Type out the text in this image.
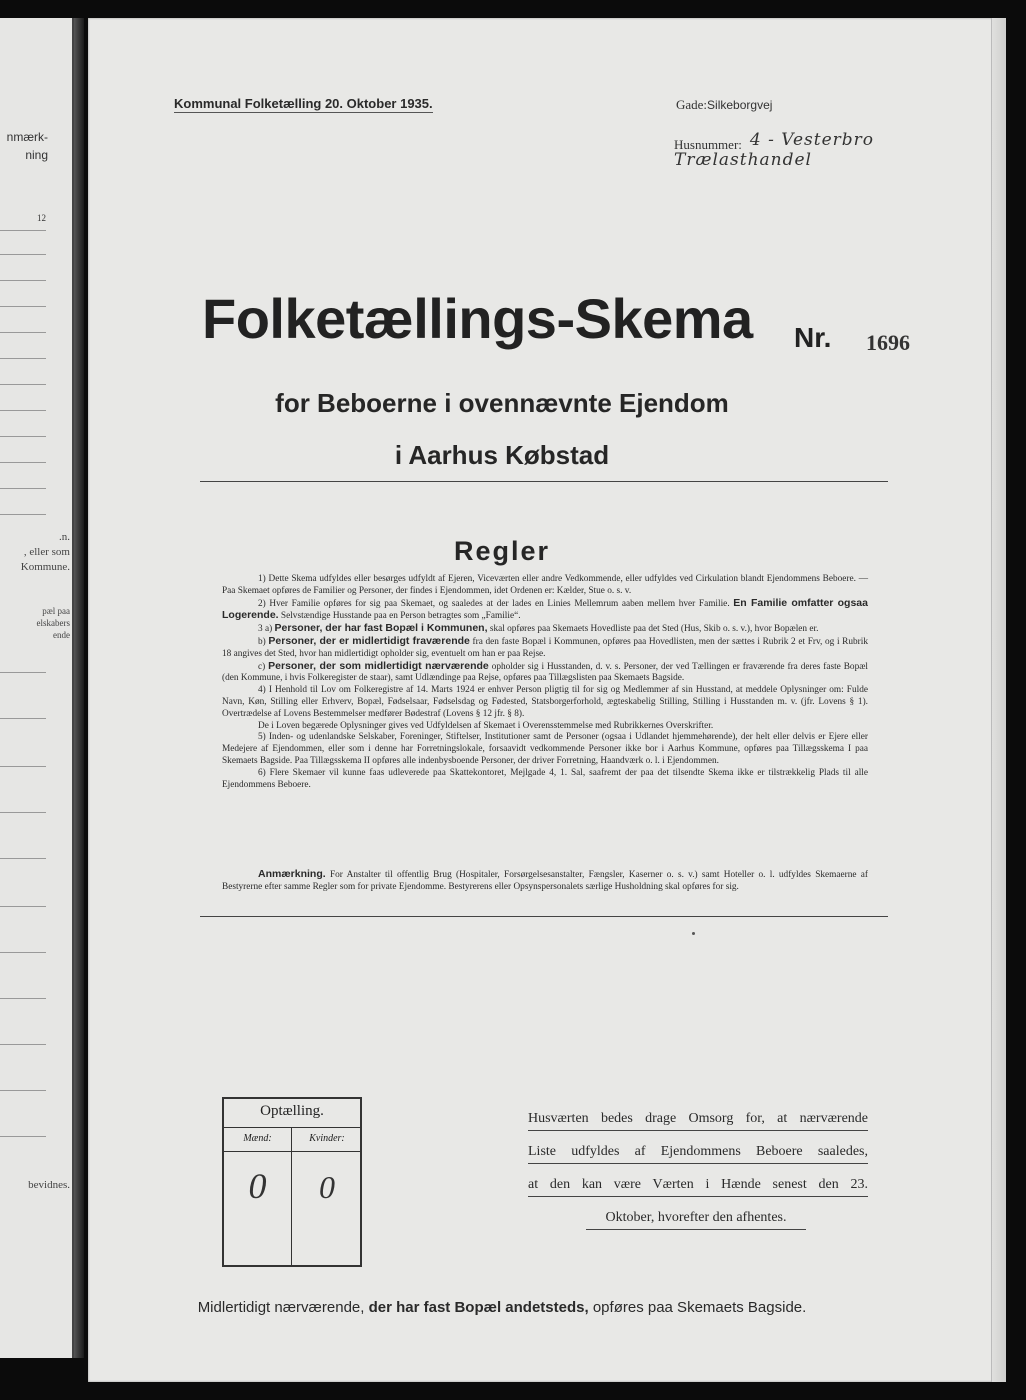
nmærk-
ning
12
.n.
, eller som
Kommune.
pæl paa
elskabers
ende
bevidnes.
Kommunal Folketælling 20. Oktober 1935.	Gade:Silkeborgvej
Husnummer: 4 - Vesterbro Trælasthandel
Folketællings-Skema Nr. 1696
for Beboerne i ovennævnte Ejendom
i Aarhus Købstad
Regler

1) Dette Skema udfyldes eller besørges udfyldt af Ejeren, Viceværten eller andre Vedkommende, eller udfyldes ved Cirkulation blandt Ejendommens Beboere. — Paa Skemaet opføres de Familier og Personer, der findes i Ejendommen, idet Ordenen er: Kælder, Stue o. s. v.

2) Hver Familie opføres for sig paa Skemaet, og saaledes at der lades en Linies Mellemrum aaben mellem hver Familie. En Familie omfatter ogsaa Logerende. Selvstændige Husstande paa en Person betragtes som „Familie“.

3 a) Personer, der har fast Bopæl i Kommunen, skal opføres paa Skemaets Hovedliste paa det Sted (Hus, Skib o. s. v.), hvor Bopælen er.

b) Personer, der er midlertidigt fraværende fra den faste Bopæl i Kommunen, opføres paa Hovedlisten, men der sættes i Rubrik 2 et Frv, og i Rubrik 18 angives det Sted, hvor han midlertidigt opholder sig, eventuelt om han er paa Rejse.

c) Personer, der som midlertidigt nærværende opholder sig i Husstanden, d. v. s. Personer, der ved Tællingen er fraværende fra deres faste Bopæl (den Kommune, i hvis Folkeregister de staar), samt Udlændinge paa Rejse, opføres paa Tillægslisten paa Skemaets Bagside.

4) I Henhold til Lov om Folkeregistre af 14. Marts 1924 er enhver Person pligtig til for sig og Medlemmer af sin Husstand, at meddele Oplysninger om: Fulde Navn, Køn, Stilling eller Erhverv, Bopæl, Fødselsaar, Fødselsdag og Fødested, Statsborgerforhold, ægteskabelig Stilling, Stilling i Husstanden m. v. (jfr. Lovens § 1). Overtrædelse af Lovens Bestemmelser medfører Bødestraf (Lovens § 12 jfr. § 8).

De i Loven begærede Oplysninger gives ved Udfyldelsen af Skemaet i Overensstemmelse med Rubrikkernes Overskrifter.

5) Inden- og udenlandske Selskaber, Foreninger, Stiftelser, Institutioner samt de Personer (ogsaa i Udlandet hjemmehørende), der helt eller delvis er Ejere eller Medejere af Ejendommen, eller som i denne har Forretningslokale, forsaavidt vedkommende Personer ikke bor i Aarhus Kommune, opføres paa Tillægsskema I paa Skemaets Bagside. Paa Tillægsskema II opføres alle indenbysboende Personer, der driver Forretning, Haandværk o. l. i Ejendommen.

6) Flere Skemaer vil kunne faas udleverede paa Skattekontoret, Mejlgade 4, 1. Sal, saafremt der paa det tilsendte Skema ikke er tilstrækkelig Plads til alle Ejendommens Beboere.

Anmærkning. For Anstalter til offentlig Brug (Hospitaler, Forsørgelsesanstalter, Fængsler, Kaserner o. s. v.) samt Hoteller o. l. udfyldes Skemaerne af Bestyrerne efter samme Regler som for private Ejendomme. Bestyrerens eller Opsynspersonalets særlige Husholdning skal opføres for sig.
Optælling.
Mænd:	Kvinder:
0	0
Husværten bedes drage Omsorg for, at nærværende
Liste udfyldes af Ejendommens Beboere saaledes,
at den kan være Værten i Hænde senest den 23.
Oktober, hvorefter den afhentes.
Midlertidigt nærværende, der har fast Bopæl andetsteds, opføres paa Skemaets Bagside.
